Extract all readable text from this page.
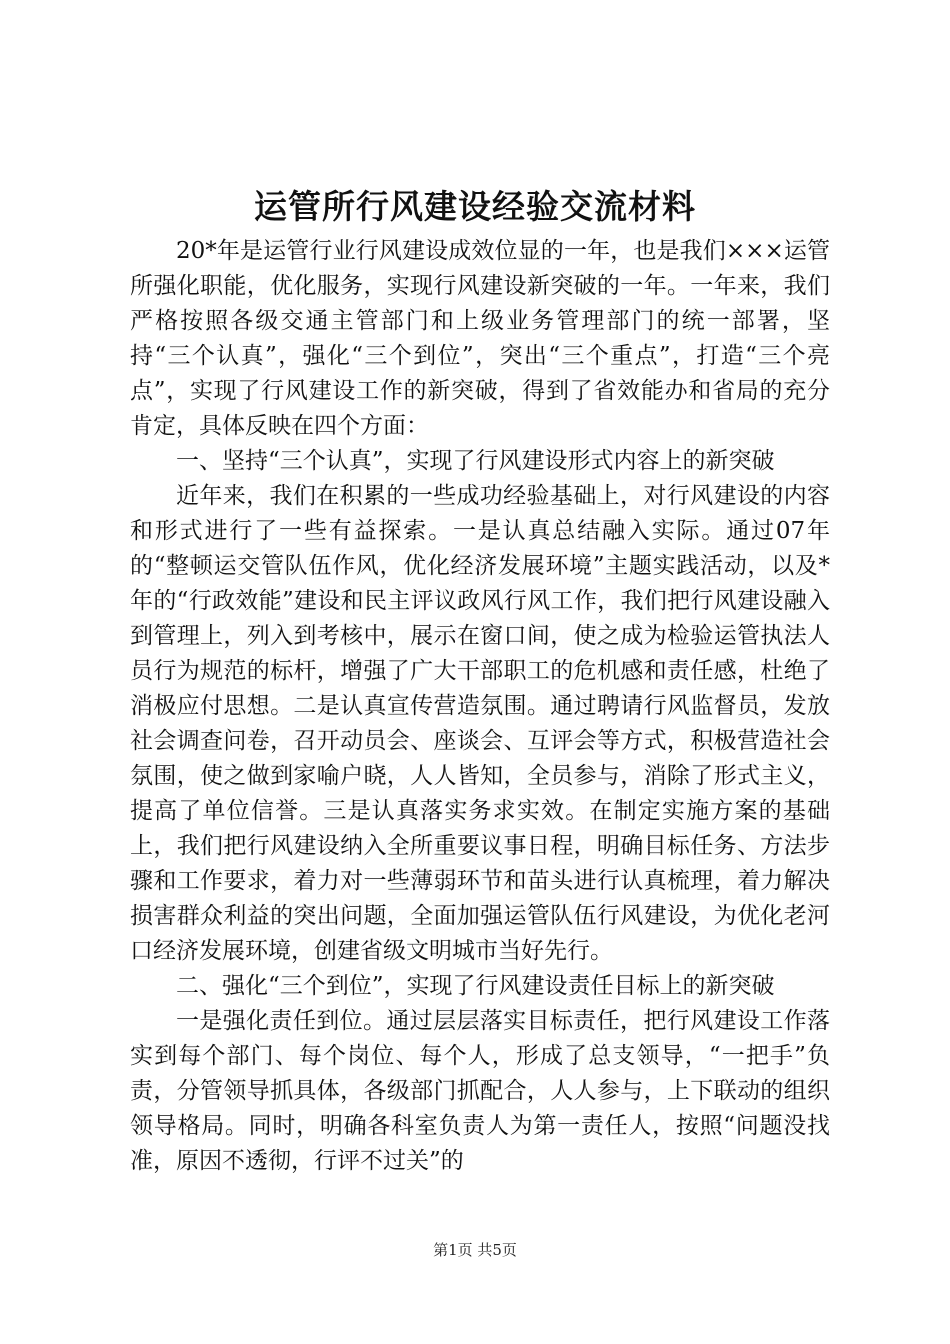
运管所行风建设经验交流材料

20*年是运管行业行风建设成效位显的一年，也是我们×××运管所强化职能，优化服务，实现行风建设新突破的一年。一年来，我们严格按照各级交通主管部门和上级业务管理部门的统一部署，坚持“三个认真”，强化“三个到位”，突出“三个重点”，打造“三个亮点”，实现了行风建设工作的新突破，得到了省效能办和省局的充分肯定，具体反映在四个方面：

一、坚持“三个认真”，实现了行风建设形式内容上的新突破

近年来，我们在积累的一些成功经验基础上，对行风建设的内容和形式进行了一些有益探索。一是认真总结融入实际。通过07年的“整顿运交管队伍作风，优化经济发展环境”主题实践活动，以及*年的“行政效能”建设和民主评议政风行风工作，我们把行风建设融入到管理上，列入到考核中，展示在窗口间，使之成为检验运管执法人员行为规范的标杆，增强了广大干部职工的危机感和责任感，杜绝了消极应付思想。二是认真宣传营造氛围。通过聘请行风监督员，发放社会调查问卷，召开动员会、座谈会、互评会等方式，积极营造社会氛围，使之做到家喻户晓，人人皆知，全员参与，消除了形式主义，提高了单位信誉。三是认真落实务求实效。在制定实施方案的基础上，我们把行风建设纳入全所重要议事日程，明确目标任务、方法步骤和工作要求，着力对一些薄弱环节和苗头进行认真梳理，着力解决损害群众利益的突出问题，全面加强运管队伍行风建设，为优化老河口经济发展环境，创建省级文明城市当好先行。

二、强化“三个到位”，实现了行风建设责任目标上的新突破

一是强化责任到位。通过层层落实目标责任，把行风建设工作落实到每个部门、每个岗位、每个人，形成了总支领导，“一把手”负责，分管领导抓具体，各级部门抓配合，人人参与，上下联动的组织领导格局。同时，明确各科室负责人为第一责任人，按照“问题没找准，原因不透彻，行评不过关”的

第1页 共5页
